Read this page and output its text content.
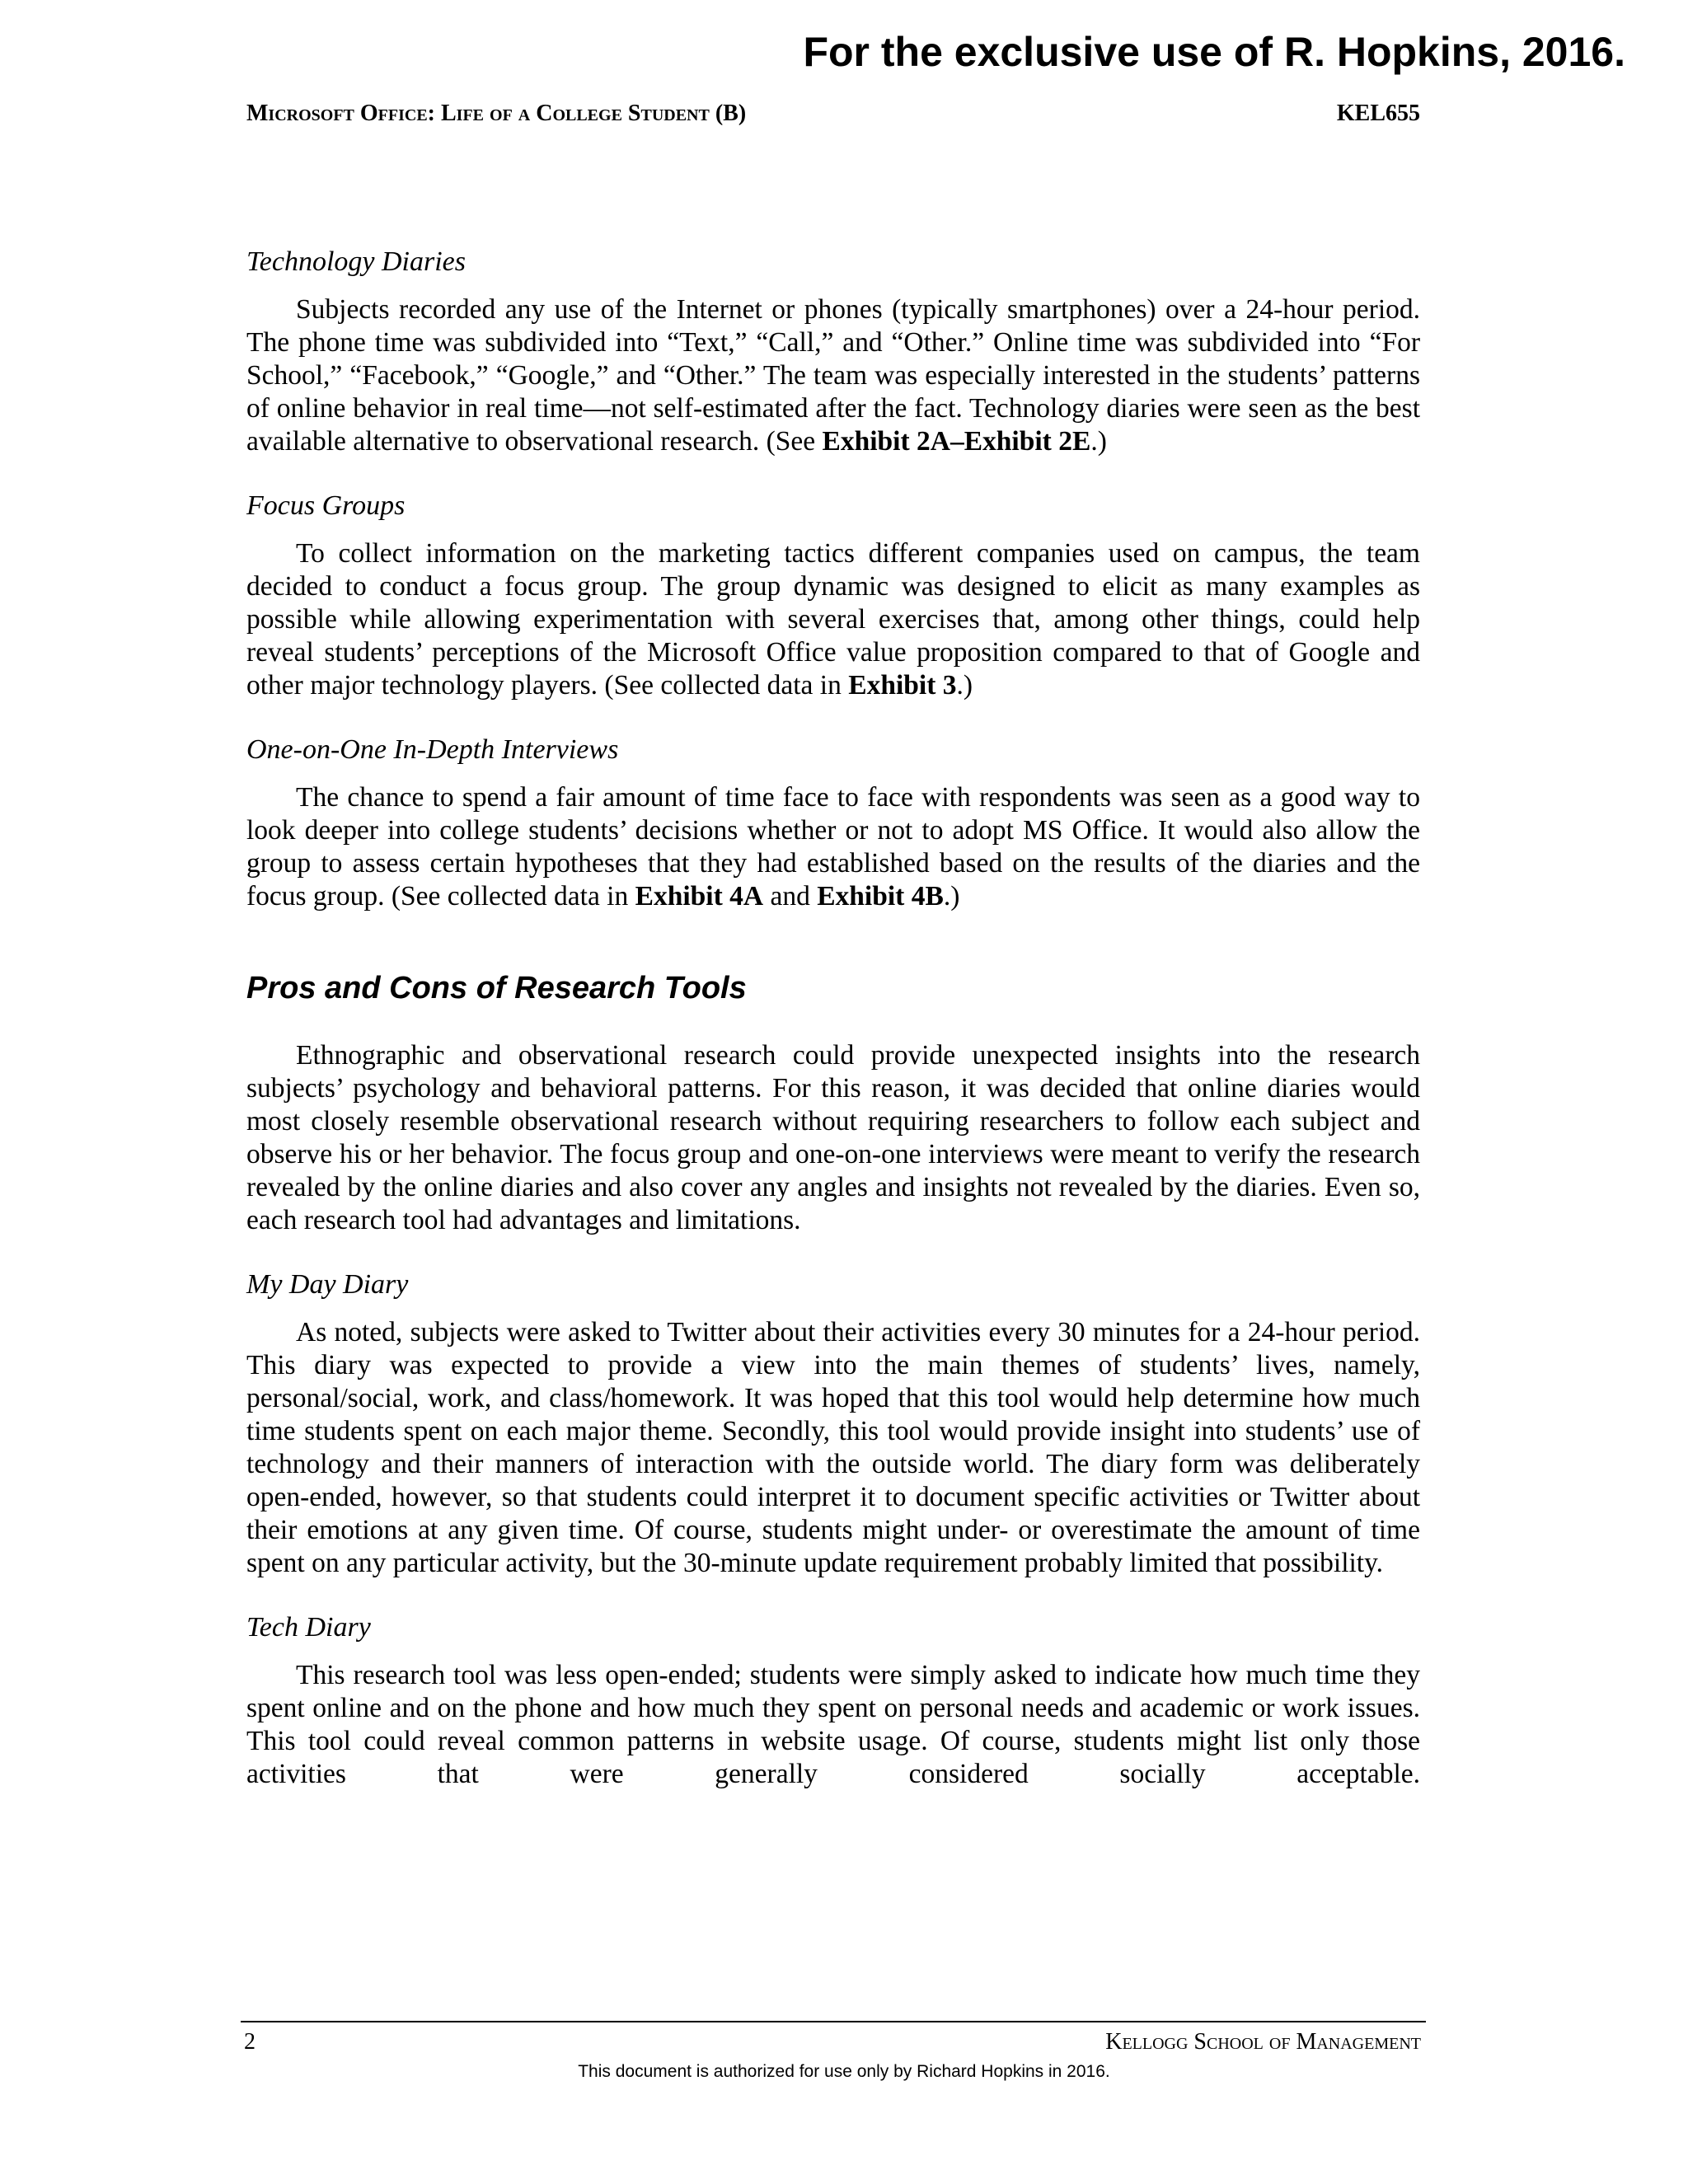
For the exclusive use of R. Hopkins, 2016.
Microsoft Office: Life of a College Student (B)	KEL655
Technology Diaries

Subjects recorded any use of the Internet or phones (typically smartphones) over a 24-hour period. The phone time was subdivided into “Text,” “Call,” and “Other.” Online time was subdivided into “For School,” “Facebook,” “Google,” and “Other.” The team was especially interested in the students’ patterns of online behavior in real time—not self-estimated after the fact. Technology diaries were seen as the best available alternative to observational research. (See Exhibit 2A–Exhibit 2E.)

Focus Groups

To collect information on the marketing tactics different companies used on campus, the team decided to conduct a focus group. The group dynamic was designed to elicit as many examples as possible while allowing experimentation with several exercises that, among other things, could help reveal students’ perceptions of the Microsoft Office value proposition compared to that of Google and other major technology players. (See collected data in Exhibit 3.)

One-on-One In-Depth Interviews

The chance to spend a fair amount of time face to face with respondents was seen as a good way to look deeper into college students’ decisions whether or not to adopt MS Office. It would also allow the group to assess certain hypotheses that they had established based on the results of the diaries and the focus group. (See collected data in Exhibit 4A and Exhibit 4B.)

Pros and Cons of Research Tools

Ethnographic and observational research could provide unexpected insights into the research subjects’ psychology and behavioral patterns. For this reason, it was decided that online diaries would most closely resemble observational research without requiring researchers to follow each subject and observe his or her behavior. The focus group and one-on-one interviews were meant to verify the research revealed by the online diaries and also cover any angles and insights not revealed by the diaries. Even so, each research tool had advantages and limitations.

My Day Diary

As noted, subjects were asked to Twitter about their activities every 30 minutes for a 24-hour period. This diary was expected to provide a view into the main themes of students’ lives, namely, personal/social, work, and class/homework. It was hoped that this tool would help determine how much time students spent on each major theme. Secondly, this tool would provide insight into students’ use of technology and their manners of interaction with the outside world. The diary form was deliberately open-ended, however, so that students could interpret it to document specific activities or Twitter about their emotions at any given time. Of course, students might under- or overestimate the amount of time spent on any particular activity, but the 30-minute update requirement probably limited that possibility.

Tech Diary

This research tool was less open-ended; students were simply asked to indicate how much time they spent online and on the phone and how much they spent on personal needs and academic or work issues. This tool could reveal common patterns in website usage. Of course, students might list only those activities that were generally considered socially acceptable.

2	Kellogg School of Management
This document is authorized for use only by Richard Hopkins in 2016.
